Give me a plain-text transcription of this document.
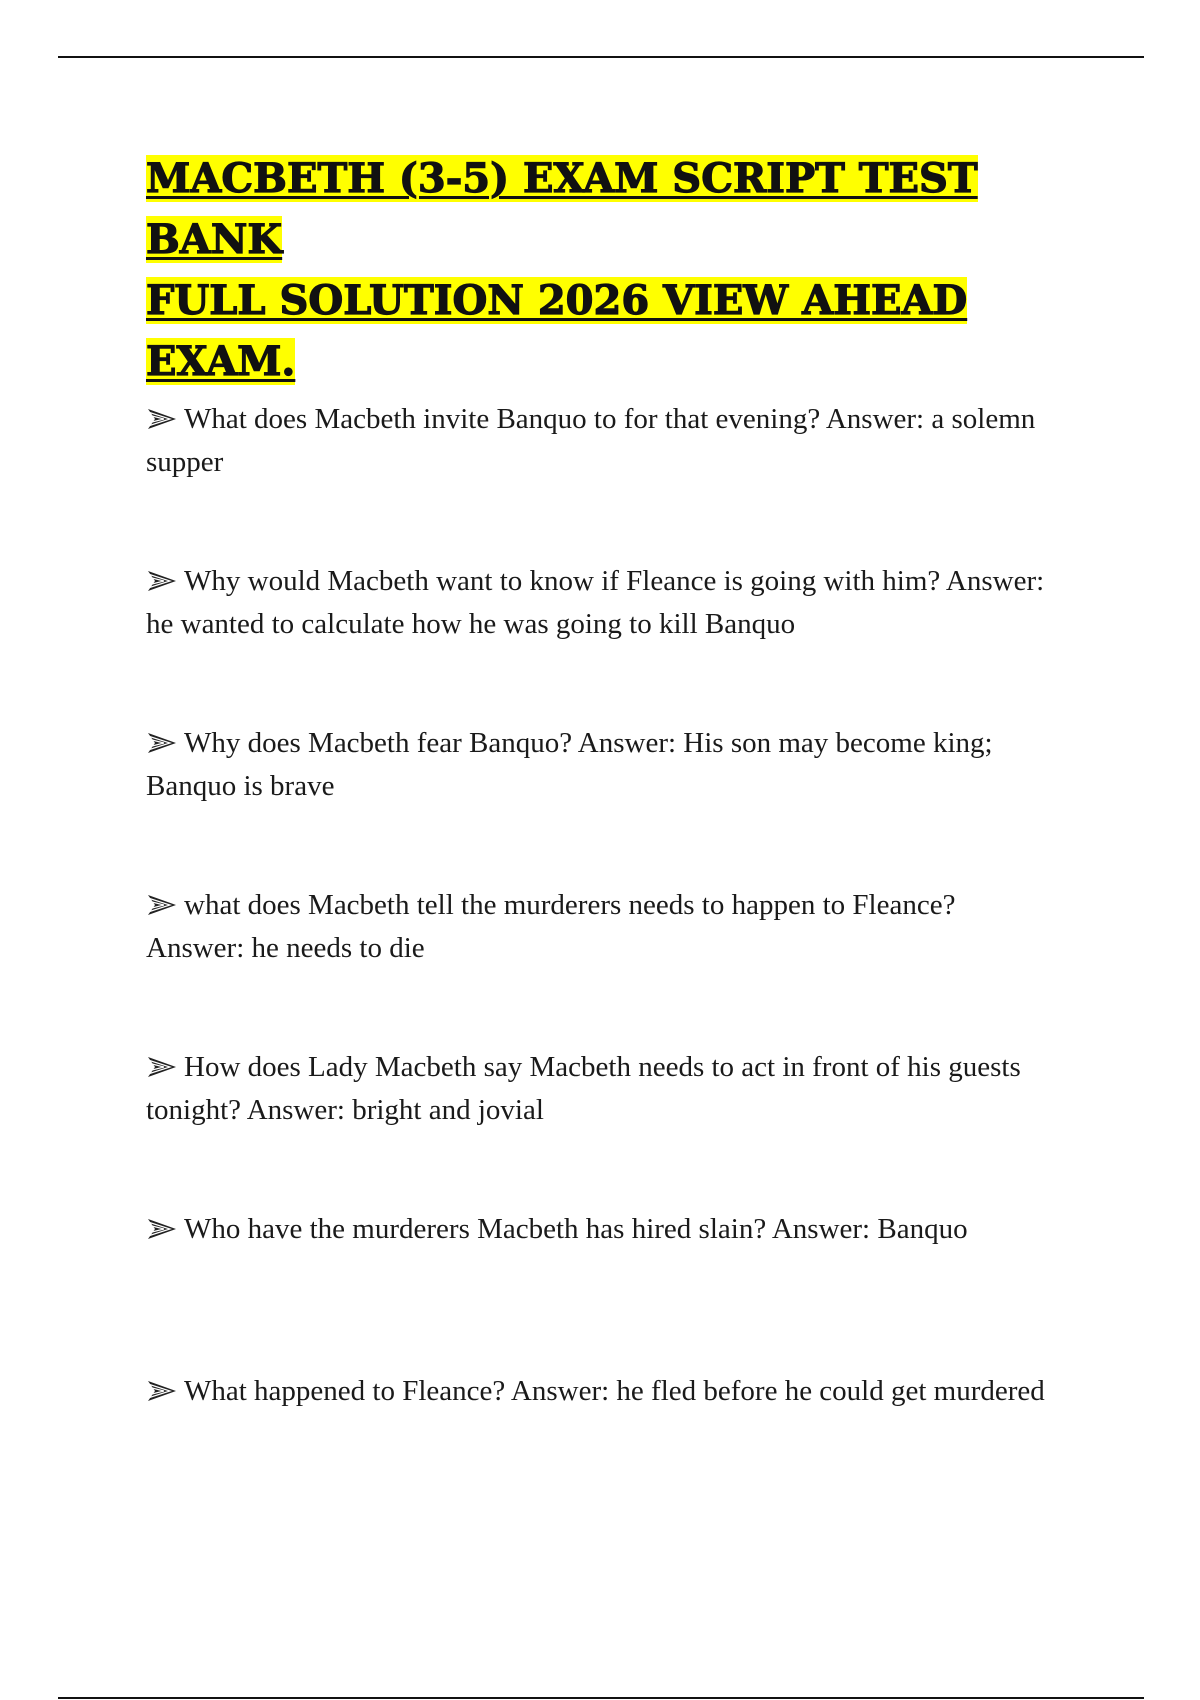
MACBETH (3-5) EXAM SCRIPT TEST BANK
FULL SOLUTION 2026 VIEW AHEAD EXAM.
What does Macbeth invite Banquo to for that evening? Answer: a solemn supper
Why would Macbeth want to know if Fleance is going with him? Answer: he wanted to calculate how he was going to kill Banquo
Why does Macbeth fear Banquo? Answer: His son may become king; Banquo is brave
what does Macbeth tell the murderers needs to happen to Fleance? Answer: he needs to die
How does Lady Macbeth say Macbeth needs to act in front of his guests tonight? Answer: bright and jovial
Who have the murderers Macbeth has hired slain? Answer: Banquo
What happened to Fleance? Answer: he fled before he could get murdered
